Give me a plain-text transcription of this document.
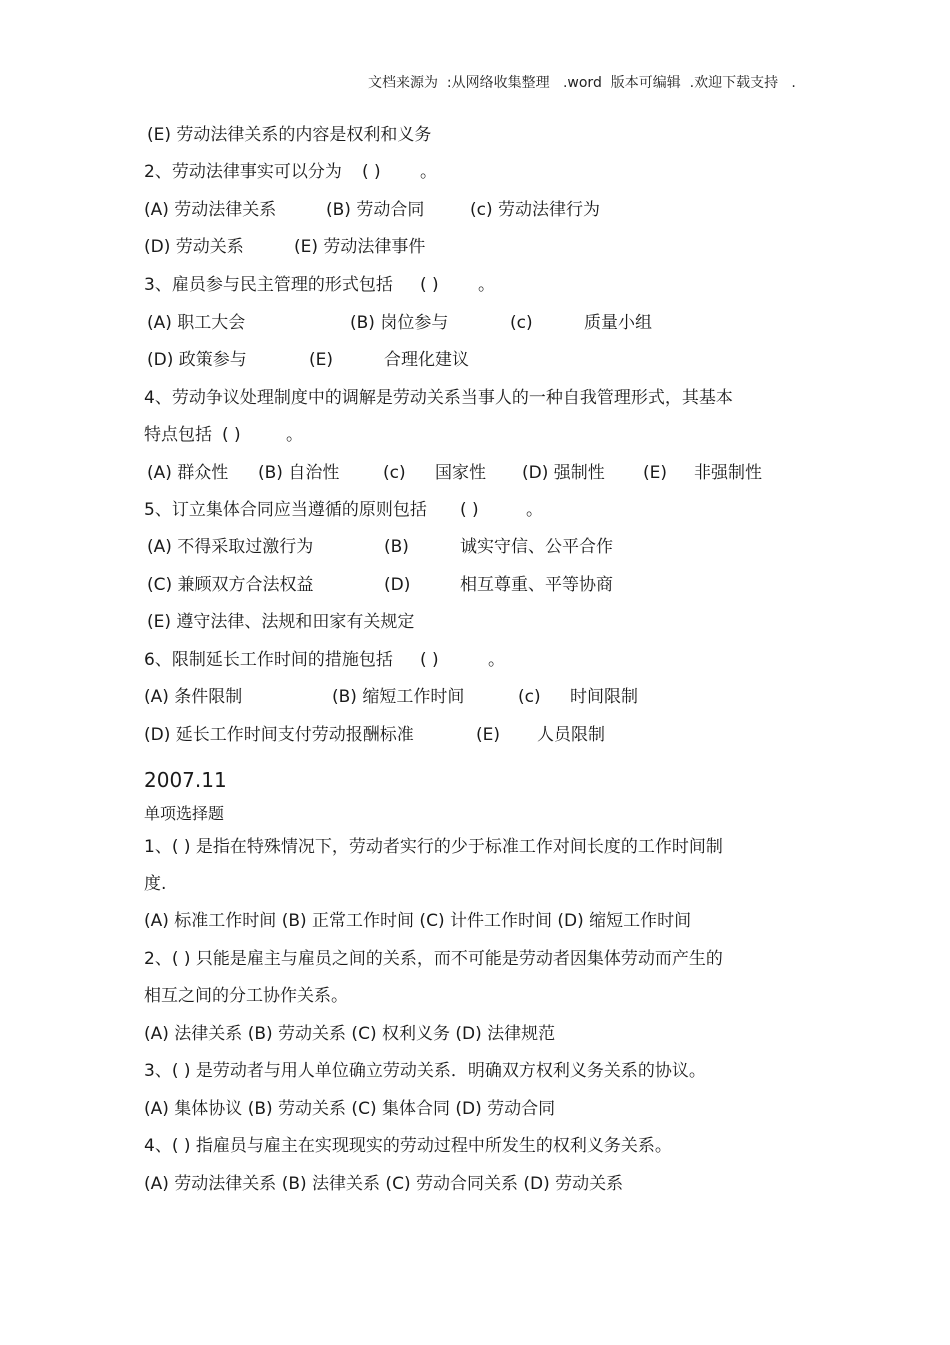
文档来源为  :从网络收集整理   .word  版本可编辑  .欢迎下载支持   .
(E) 劳动法律关系的内容是权利和义务
2、劳动法律事实可以分为 ( ) 。
(A) 劳动法律关系	(B) 劳动合同	(c) 劳动法律行为
(D) 劳动关系	(E) 劳动法律事件
3、雇员参与民主管理的形式包括 ( ) 。
(A) 职工大会	(B) 岗位参与	(c)	质量小组
(D) 政策参与	(E)	合理化建议
4、劳动争议处理制度中的调解是劳动关系当事人的一种自我管理形式，其基本
特点包括 ( )	。
(A) 群众性 (B) 自治性	(c) 国家性 (D) 强制性 (E) 非强制性
5、订立集体合同应当遵循的原则包括 ( )	。
(A) 不得采取过激行为	(B)	诚实守信、公平合作
(C) 兼顾双方合法权益	(D)	相互尊重、平等协商
(E) 遵守法律、法规和田家有关规定
6、限制延长工作时间的措施包括 ( )	。
(A) 条件限制	(B) 缩短工作时间	(c) 时间限制
(D) 延长工作时间支付劳动报酬标准	(E) 人员限制
2007.11
单项选择题
1、( ) 是指在特殊情况下，劳动者实行的少于标准工作对间长度的工作时间制
度.
(A) 标准工作时间 (B) 正常工作时间 (C) 计件工作时间 (D) 缩短工作时间
2、( ) 只能是雇主与雇员之间的关系，而不可能是劳动者因集体劳动而产生的
相互之间的分工协作关系。
(A) 法律关系 (B) 劳动关系 (C) 权利义务 (D) 法律规范
3、( ) 是劳动者与用人单位确立劳动关系．明确双方权利义务关系的协议。
(A) 集体协议 (B) 劳动关系 (C) 集体合同 (D) 劳动合同
4、( ) 指雇员与雇主在实现现实的劳动过程中所发生的权利义务关系。
(A) 劳动法律关系 (B) 法律关系 (C) 劳动合同关系 (D) 劳动关系
